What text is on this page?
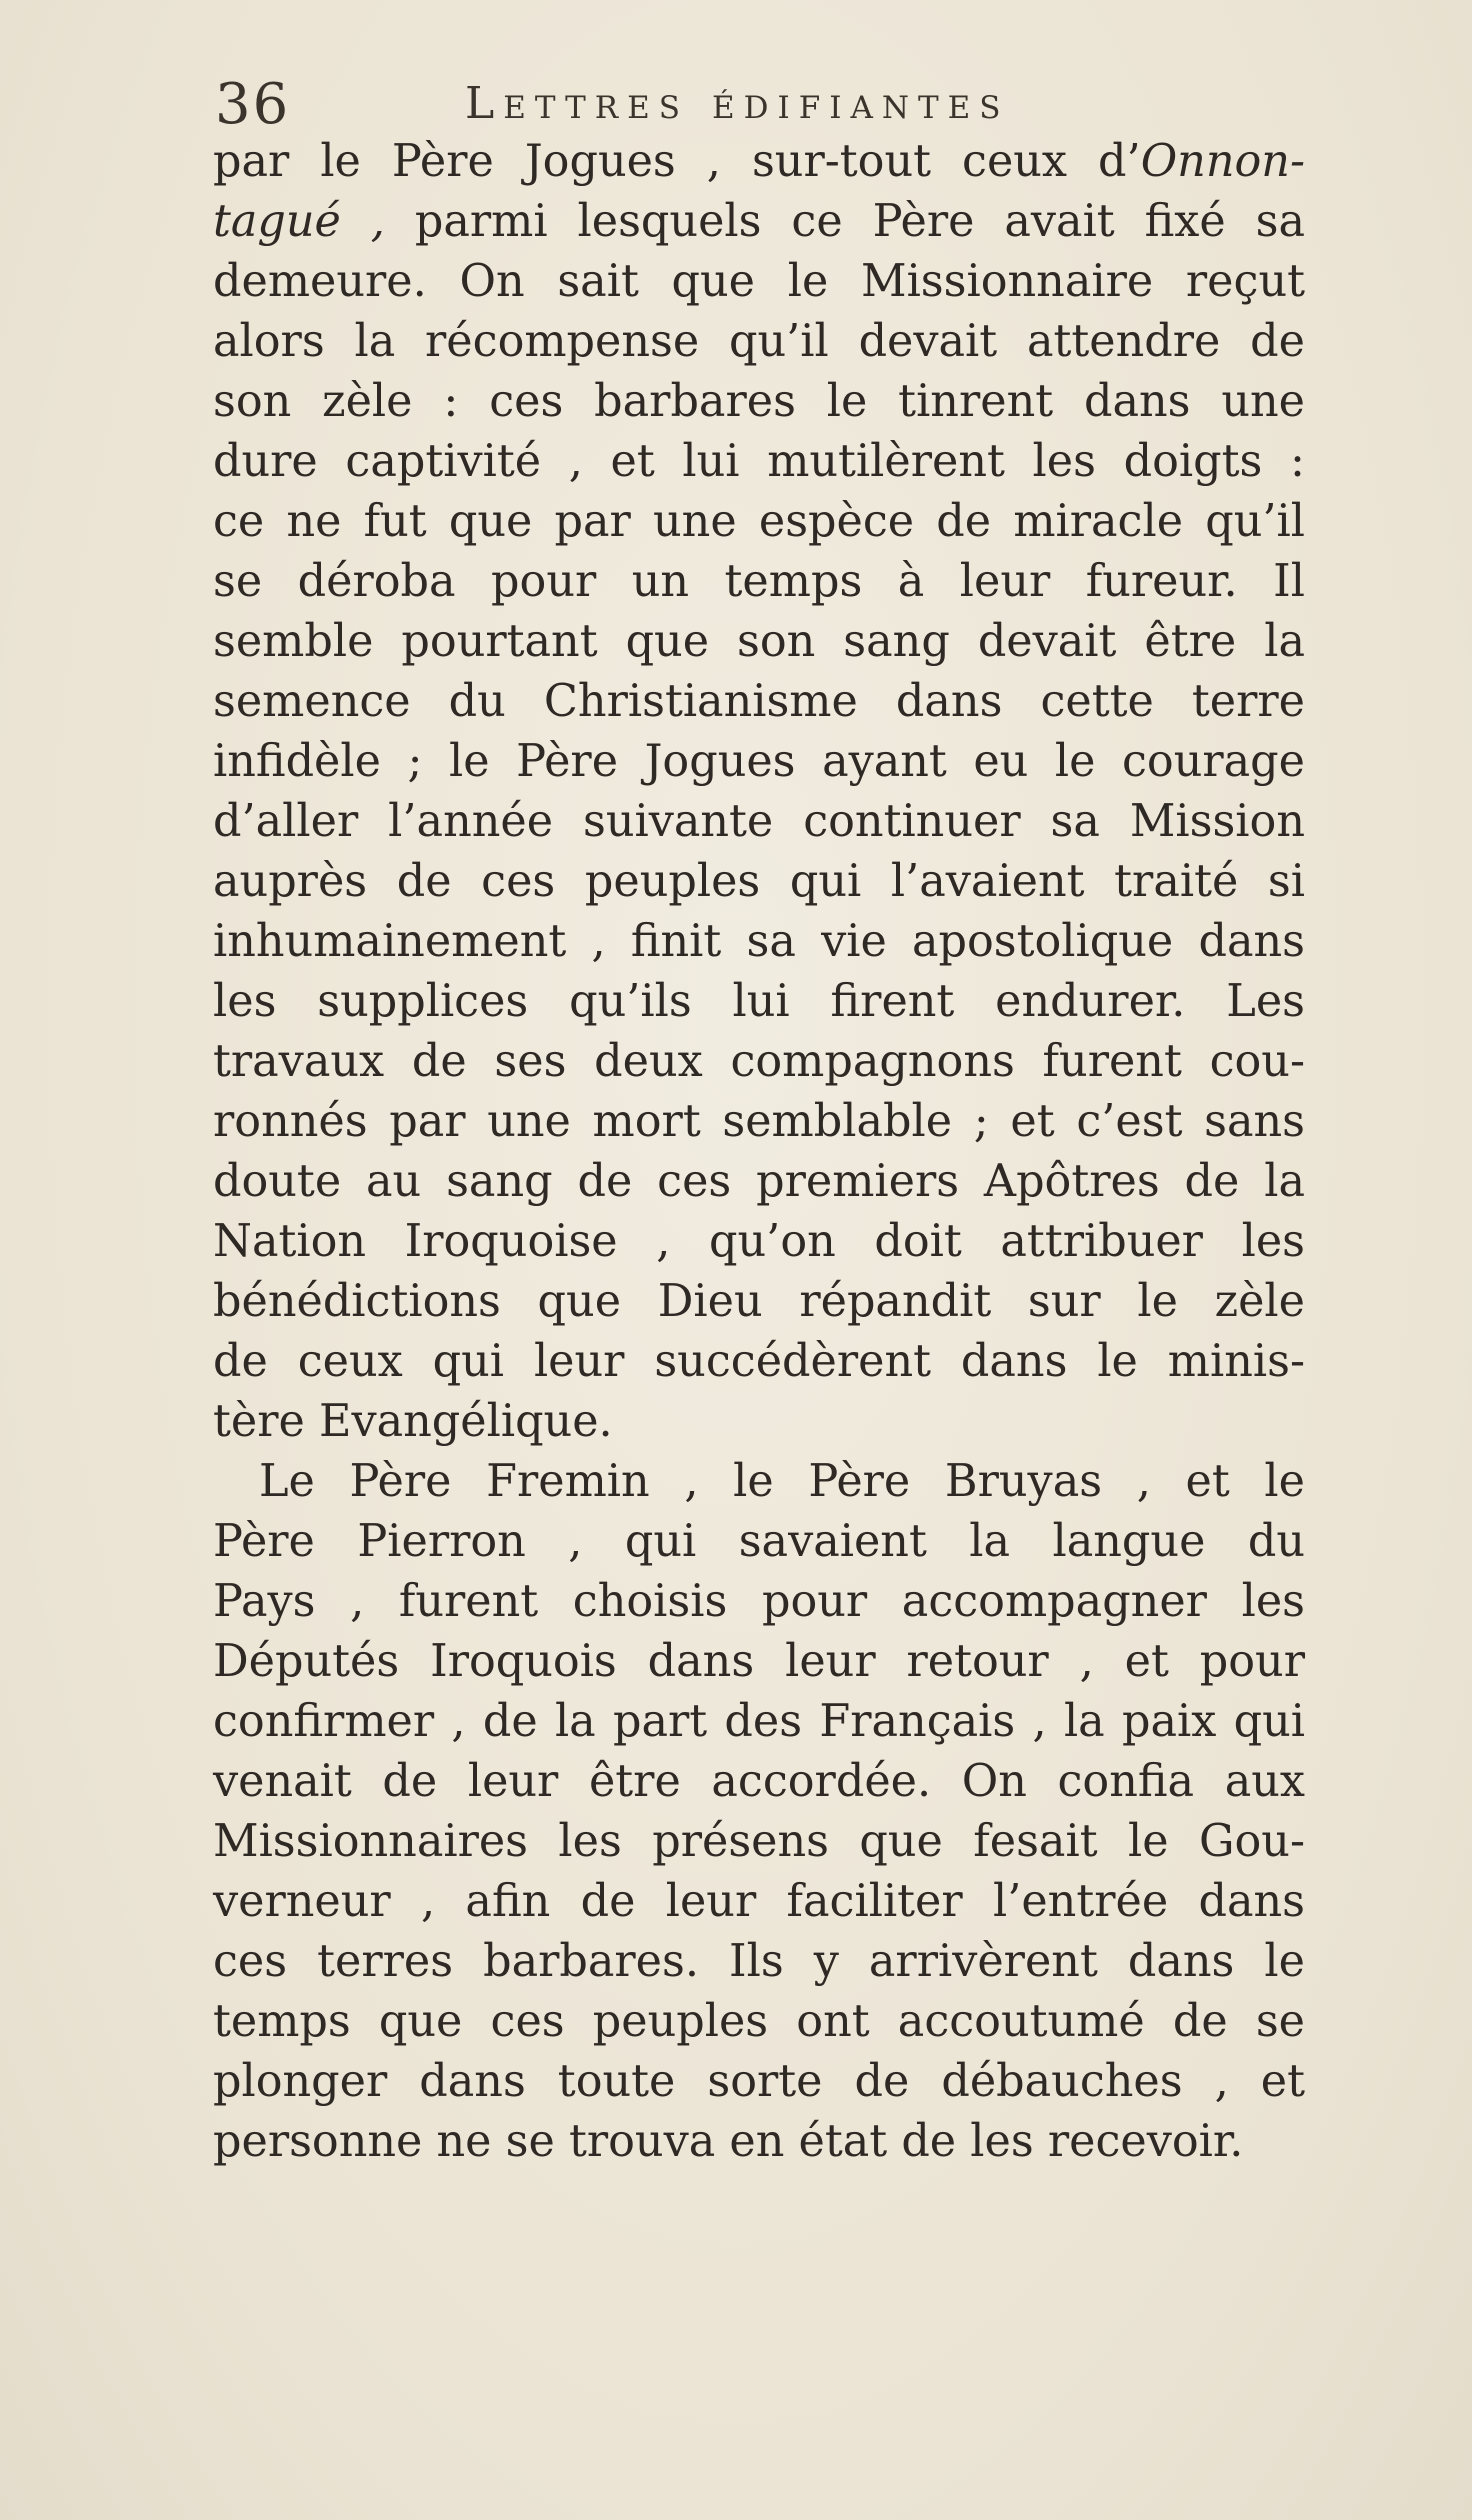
36	Lettres édifiantes
par le Père Jogues , sur-tout ceux d’Onnon-
tagué , parmi lesquels ce Père avait fixé sa
demeure. On sait que le Missionnaire reçut
alors la récompense qu’il devait attendre de
son zèle : ces barbares le tinrent dans une
dure captivité , et lui mutilèrent les doigts :
ce ne fut que par une espèce de miracle qu’il
se déroba pour un temps à leur fureur. Il
semble pourtant que son sang devait être la
semence du Christianisme dans cette terre
infidèle ; le Père Jogues ayant eu le courage
d’aller l’année suivante continuer sa Mission
auprès de ces peuples qui l’avaient traité si
inhumainement , finit sa vie apostolique dans
les supplices qu’ils lui firent endurer. Les
travaux de ses deux compagnons furent cou-
ronnés par une mort semblable ; et c’est sans
doute au sang de ces premiers Apôtres de la
Nation Iroquoise , qu’on doit attribuer les
bénédictions que Dieu répandit sur le zèle
de ceux qui leur succédèrent dans le minis-
tère Evangélique.
Le Père Fremin , le Père Bruyas , et le
Père Pierron , qui savaient la langue du
Pays , furent choisis pour accompagner les
Députés Iroquois dans leur retour , et pour
confirmer , de la part des Français , la paix qui
venait de leur être accordée. On confia aux
Missionnaires les présens que fesait le Gou-
verneur , afin de leur faciliter l’entrée dans
ces terres barbares. Ils y arrivèrent dans le
temps que ces peuples ont accoutumé de se
plonger dans toute sorte de débauches , et
personne ne se trouva en état de les recevoir.
